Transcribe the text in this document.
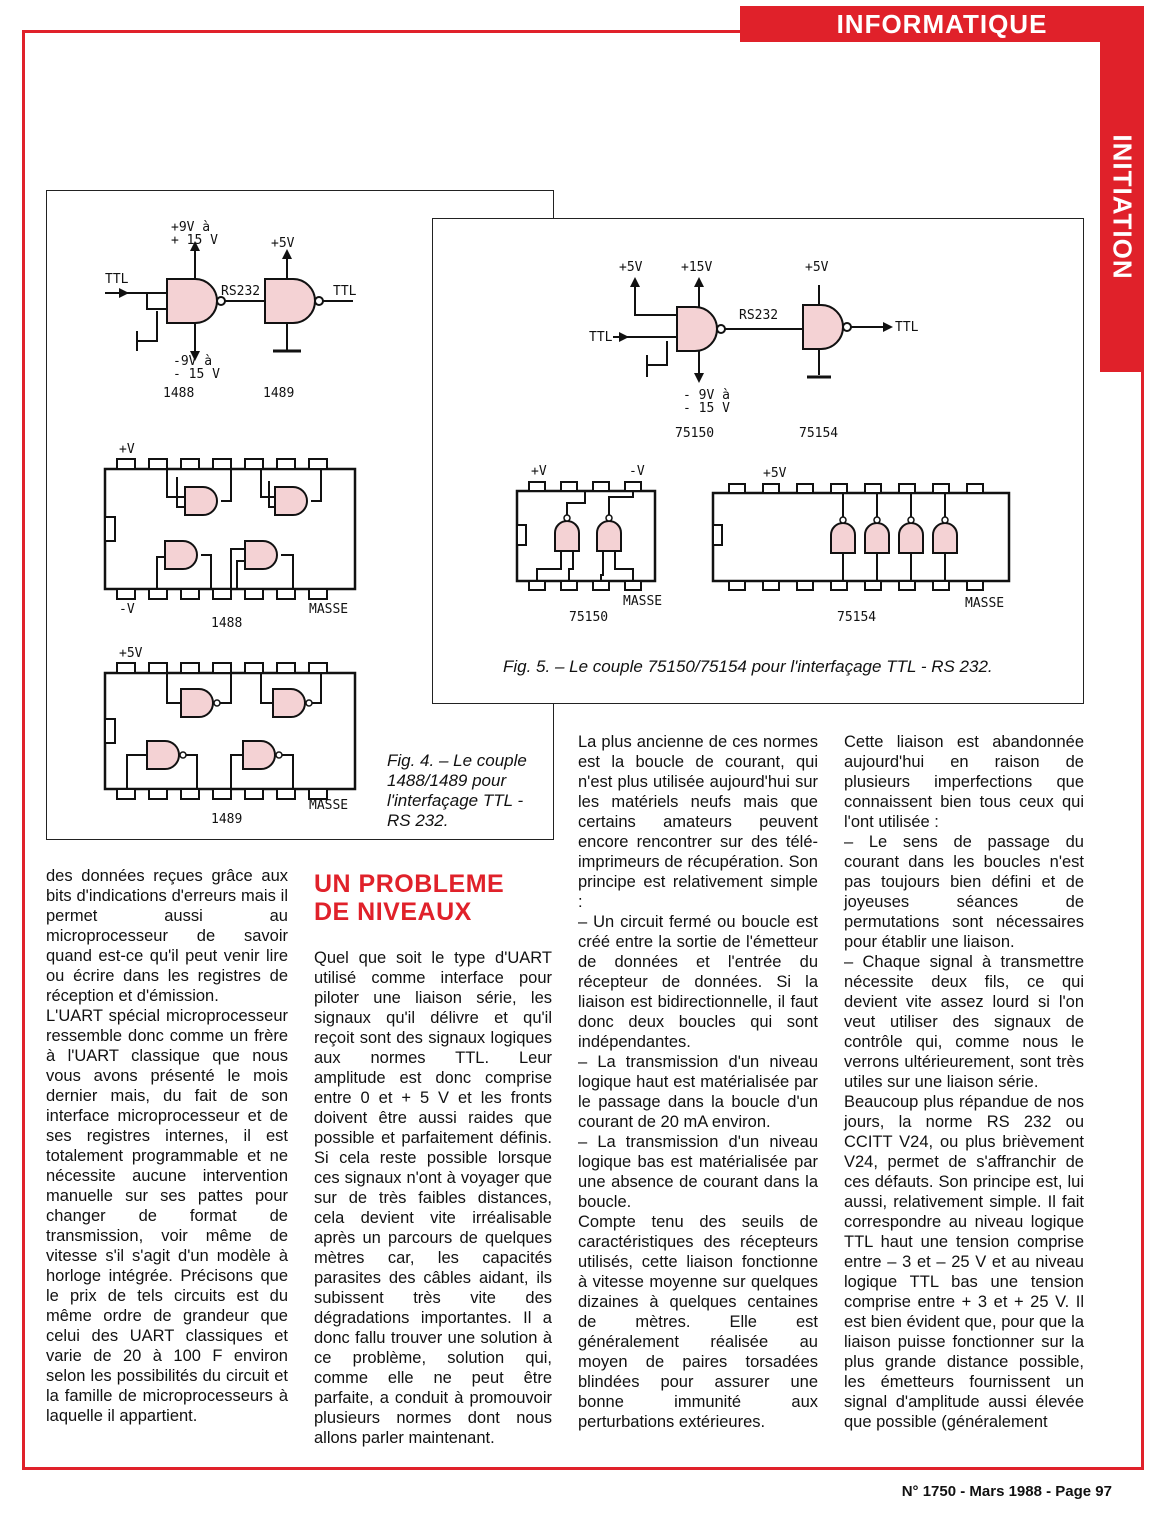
INFORMATIQUE
INITIATION
+9V à + 15 V	+5V
TTL
RS232	TTL
-9V à - 15 V
1488	1489
+V
-V	MASSE
1488
+5V
MASSE
1489
Fig. 4. – Le couple 1488/1489 pour l'interfaçage TTL - RS 232.
+5V	+15V	+5V
TTL
RS232
TTL
- 9V à - 15 V
75150	75154
+V	-V
MASSE
75150
+5V
MASSE
75154
Fig. 5. – Le couple 75150/75154 pour l'interfaçage TTL - RS 232.
des données reçues grâce aux bits d'indications d'erreurs mais il permet aussi au microprocesseur de savoir quand est-ce qu'il peut venir lire ou écrire dans les registres de réception et d'émission.
L'UART spécial microprocesseur ressemble donc comme un frère à l'UART classique que nous vous avons présenté le mois dernier mais, du fait de son interface microprocesseur et de ses registres internes, il est totalement programmable et ne nécessite aucune intervention manuelle sur ses pattes pour changer de format de transmission, voir même de vitesse s'il s'agit d'un modèle à horloge intégrée. Précisons que le prix de tels circuits est du même ordre de grandeur que celui des UART classiques et varie de 20 à 100 F environ selon les possibilités du circuit et la famille de microprocesseurs à laquelle il appartient.
UN PROBLEME DE NIVEAUX
Quel que soit le type d'UART utilisé comme interface pour piloter une liaison série, les signaux qu'il délivre et qu'il reçoit sont des signaux logiques aux normes TTL. Leur amplitude est donc comprise entre 0 et + 5 V et les fronts doivent être aussi raides que possible et parfaitement définis. Si cela reste possible lorsque ces signaux n'ont à voyager que sur de très faibles distances, cela devient vite irréalisable après un parcours de quelques mètres car, les capacités parasites des câbles aidant, ils subissent très vite des dégradations importantes. Il a donc fallu trouver une solution à ce problème, solution qui, comme elle ne peut être parfaite, a conduit à promouvoir plusieurs normes dont nous allons parler maintenant.
La plus ancienne de ces normes est la boucle de courant, qui n'est plus utilisée aujourd'hui sur les matériels neufs mais que certains amateurs peuvent encore rencontrer sur des télé-imprimeurs de récupération. Son principe est relativement simple :
– Un circuit fermé ou boucle est créé entre la sortie de l'émetteur de données et l'entrée du récepteur de données. Si la liaison est bidirectionnelle, il faut donc deux boucles qui sont indépendantes.
– La transmission d'un niveau logique haut est matérialisée par le passage dans la boucle d'un courant de 20 mA environ.
– La transmission d'un niveau logique bas est matérialisée par une absence de courant dans la boucle.
Compte tenu des seuils de caractéristiques des récepteurs utilisés, cette liaison fonctionne à vitesse moyenne sur quelques dizaines à quelques centaines de mètres. Elle est généralement réalisée au moyen de paires torsadées blindées pour assurer une bonne immunité aux perturbations extérieures.
Cette liaison est abandonnée aujourd'hui en raison de plusieurs imperfections que connaissent bien tous ceux qui l'ont utilisée :
– Le sens de passage du courant dans les boucles n'est pas toujours bien défini et de joyeuses séances de permutations sont nécessaires pour établir une liaison.
– Chaque signal à transmettre nécessite deux fils, ce qui devient vite assez lourd si l'on veut utiliser des signaux de contrôle qui, comme nous le verrons ultérieurement, sont très utiles sur une liaison série.
Beaucoup plus répandue de nos jours, la norme RS 232 ou CCITT V24, ou plus brièvement V24, permet de s'affranchir de ces défauts. Son principe est, lui aussi, relativement simple. Il fait correspondre au niveau logique TTL haut une tension comprise entre – 3 et – 25 V et au niveau logique TTL bas une tension comprise entre + 3 et + 25 V. Il est bien évident que, pour que la liaison puisse fonctionner sur la plus grande distance possible, les émetteurs fournissent un signal d'amplitude aussi élevée que possible (généralement
N° 1750 - Mars 1988 - Page 97
